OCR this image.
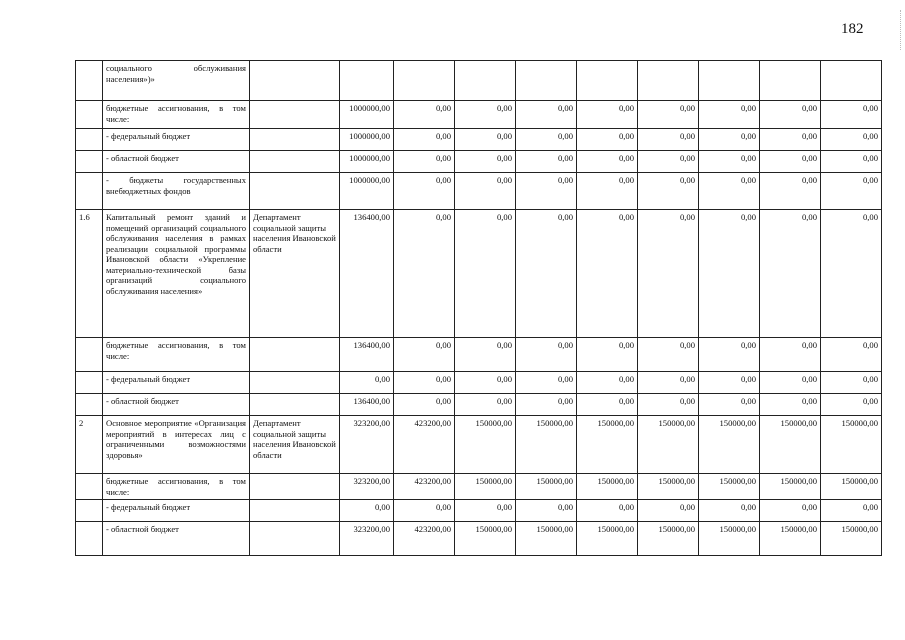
182
	социального обслуживания населения»)»										
	бюджетные ассигнования, в том числе:		1000000,00	0,00	0,00	0,00	0,00	0,00	0,00	0,00	0,00
	- федеральный бюджет		1000000,00	0,00	0,00	0,00	0,00	0,00	0,00	0,00	0,00
	- областной бюджет		1000000,00	0,00	0,00	0,00	0,00	0,00	0,00	0,00	0,00
	- бюджеты государственных внебюджетных фондов		1000000,00	0,00	0,00	0,00	0,00	0,00	0,00	0,00	0,00
1.6	Капитальный ремонт зданий и помещений организаций социального обслуживания населения в рамках реализации социальной программы Ивановской области «Укрепление материально-технической базы организаций социального обслуживания населения»	Департамент социальной защиты населения Ивановской области	136400,00	0,00	0,00	0,00	0,00	0,00	0,00	0,00	0,00
	бюджетные ассигнования, в том числе:		136400,00	0,00	0,00	0,00	0,00	0,00	0,00	0,00	0,00
	- федеральный бюджет		0,00	0,00	0,00	0,00	0,00	0,00	0,00	0,00	0,00
	- областной бюджет		136400,00	0,00	0,00	0,00	0,00	0,00	0,00	0,00	0,00
2	Основное мероприятие «Организация мероприятий в интересах лиц с ограниченными возможностями здоровья»	Департамент социальной защиты населения Ивановской области	323200,00	423200,00	150000,00	150000,00	150000,00	150000,00	150000,00	150000,00	150000,00
	бюджетные ассигнования, в том числе:		323200,00	423200,00	150000,00	150000,00	150000,00	150000,00	150000,00	150000,00	150000,00
	- федеральный бюджет		0,00	0,00	0,00	0,00	0,00	0,00	0,00	0,00	0,00
	- областной бюджет		323200,00	423200,00	150000,00	150000,00	150000,00	150000,00	150000,00	150000,00	150000,00
